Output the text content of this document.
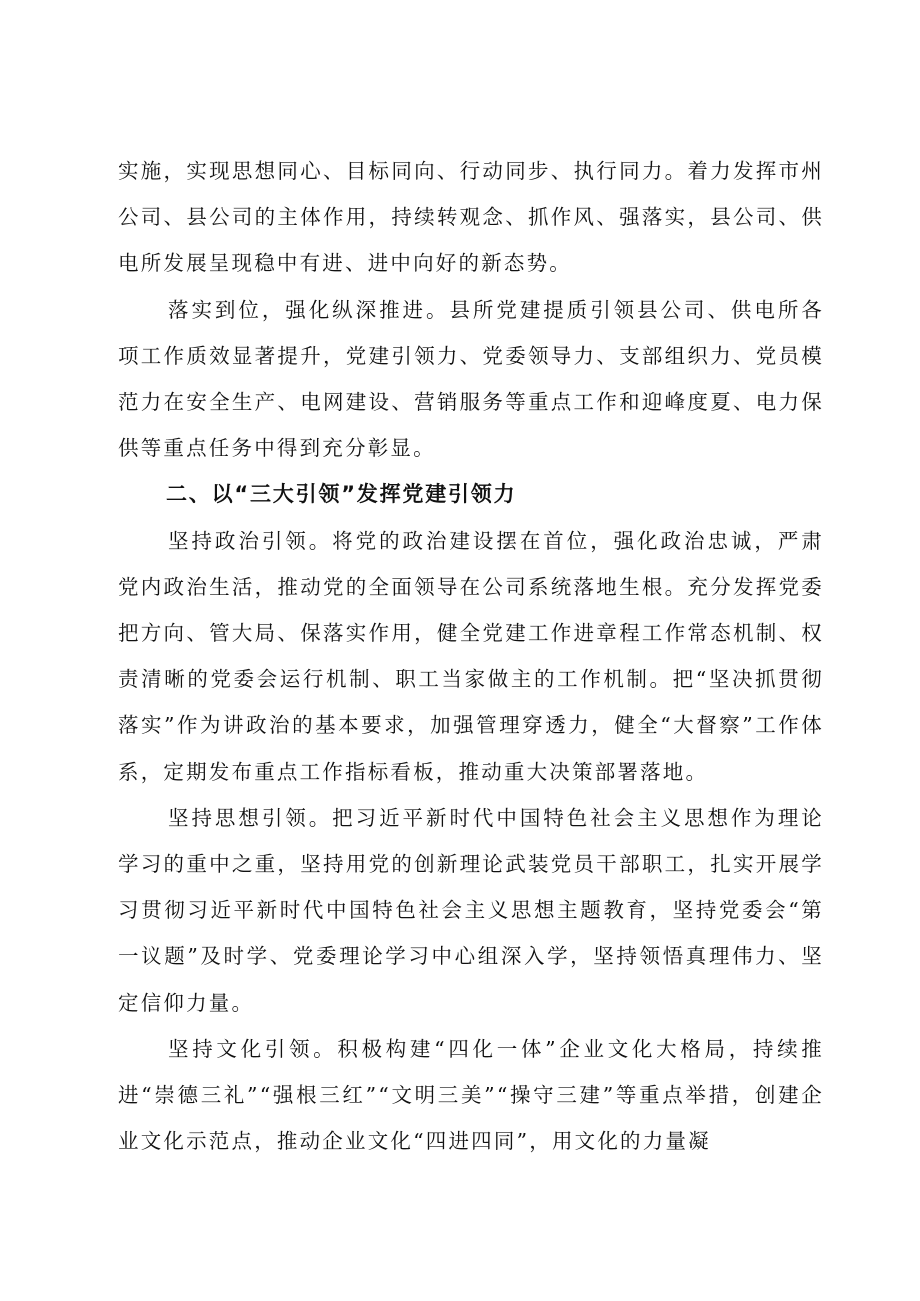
实施，实现思想同心、目标同向、行动同步、执行同力。着力发挥市州公司、县公司的主体作用，持续转观念、抓作风、强落实，县公司、供电所发展呈现稳中有进、进中向好的新态势。

落实到位，强化纵深推进。县所党建提质引领县公司、供电所各项工作质效显著提升，党建引领力、党委领导力、支部组织力、党员模范力在安全生产、电网建设、营销服务等重点工作和迎峰度夏、电力保供等重点任务中得到充分彰显。

二、以“三大引领”发挥党建引领力

坚持政治引领。将党的政治建设摆在首位，强化政治忠诚，严肃党内政治生活，推动党的全面领导在公司系统落地生根。充分发挥党委把方向、管大局、保落实作用，健全党建工作进章程工作常态机制、权责清晰的党委会运行机制、职工当家做主的工作机制。把“坚决抓贯彻落实”作为讲政治的基本要求，加强管理穿透力，健全“大督察”工作体系，定期发布重点工作指标看板，推动重大决策部署落地。

坚持思想引领。把习近平新时代中国特色社会主义思想作为理论学习的重中之重，坚持用党的创新理论武装党员干部职工，扎实开展学习贯彻习近平新时代中国特色社会主义思想主题教育，坚持党委会“第一议题”及时学、党委理论学习中心组深入学，坚持领悟真理伟力、坚定信仰力量。

坚持文化引领。积极构建“四化一体”企业文化大格局，持续推进“崇德三礼”“强根三红”“文明三美”“操守三建”等重点举措，创建企业文化示范点，推动企业文化“四进四同”，用文化的力量凝
